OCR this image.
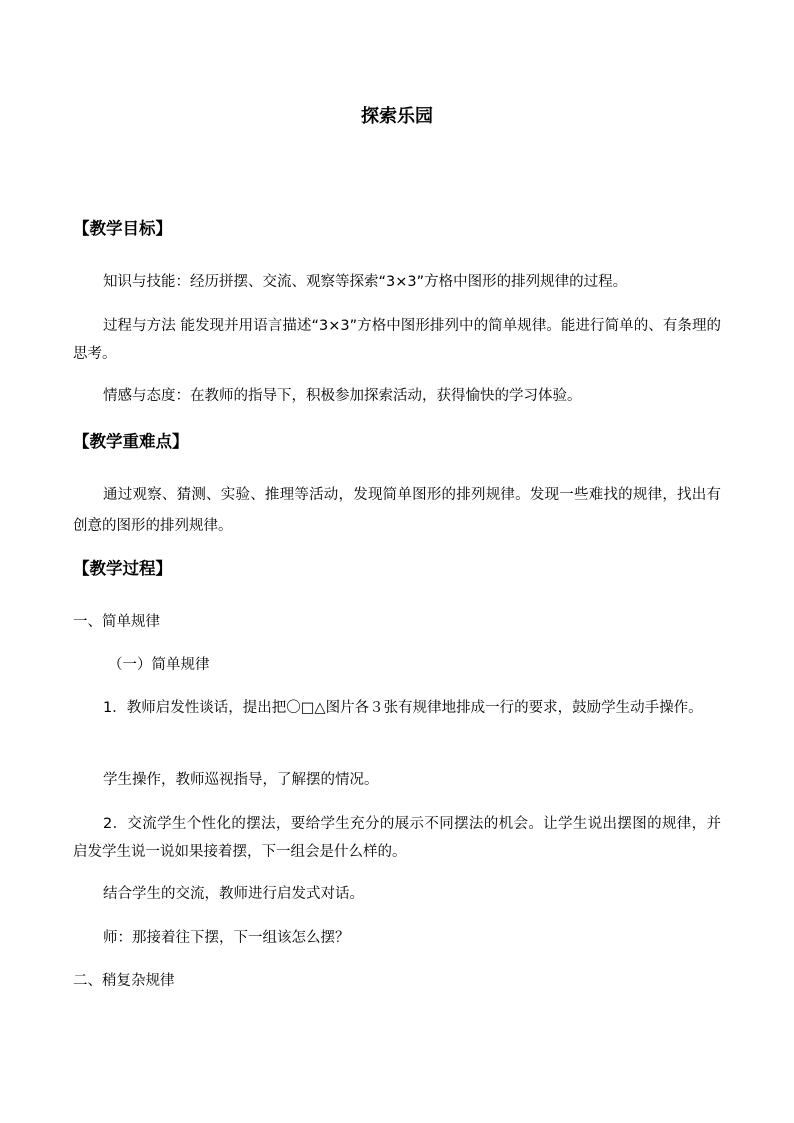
探索乐园
【教学目标】

知识与技能：经历拼摆、交流、观察等探索“3×3”方格中图形的排列规律的过程。

过程与方法 能发现并用语言描述“3×3”方格中图形排列中的简单规律。能进行简单的、有条理的思考。

情感与态度：在教师的指导下，积极参加探索活动，获得愉快的学习体验。

【教学重难点】

通过观察、猜测、实验、推理等活动，发现简单图形的排列规律。发现一些难找的规律，找出有创意的图形的排列规律。

【教学过程】
一、简单规律
（一）简单规律

1．教师启发性谈话，提出把〇□△图片各３张有规律地排成一行的要求，鼓励学生动手操作。

学生操作，教师巡视指导，了解摆的情况。

2．交流学生个性化的摆法，要给学生充分的展示不同摆法的机会。让学生说出摆图的规律，并启发学生说一说如果接着摆，下一组会是什么样的。

结合学生的交流，教师进行启发式对话。

师：那接着往下摆，下一组该怎么摆？

二、稍复杂规律
